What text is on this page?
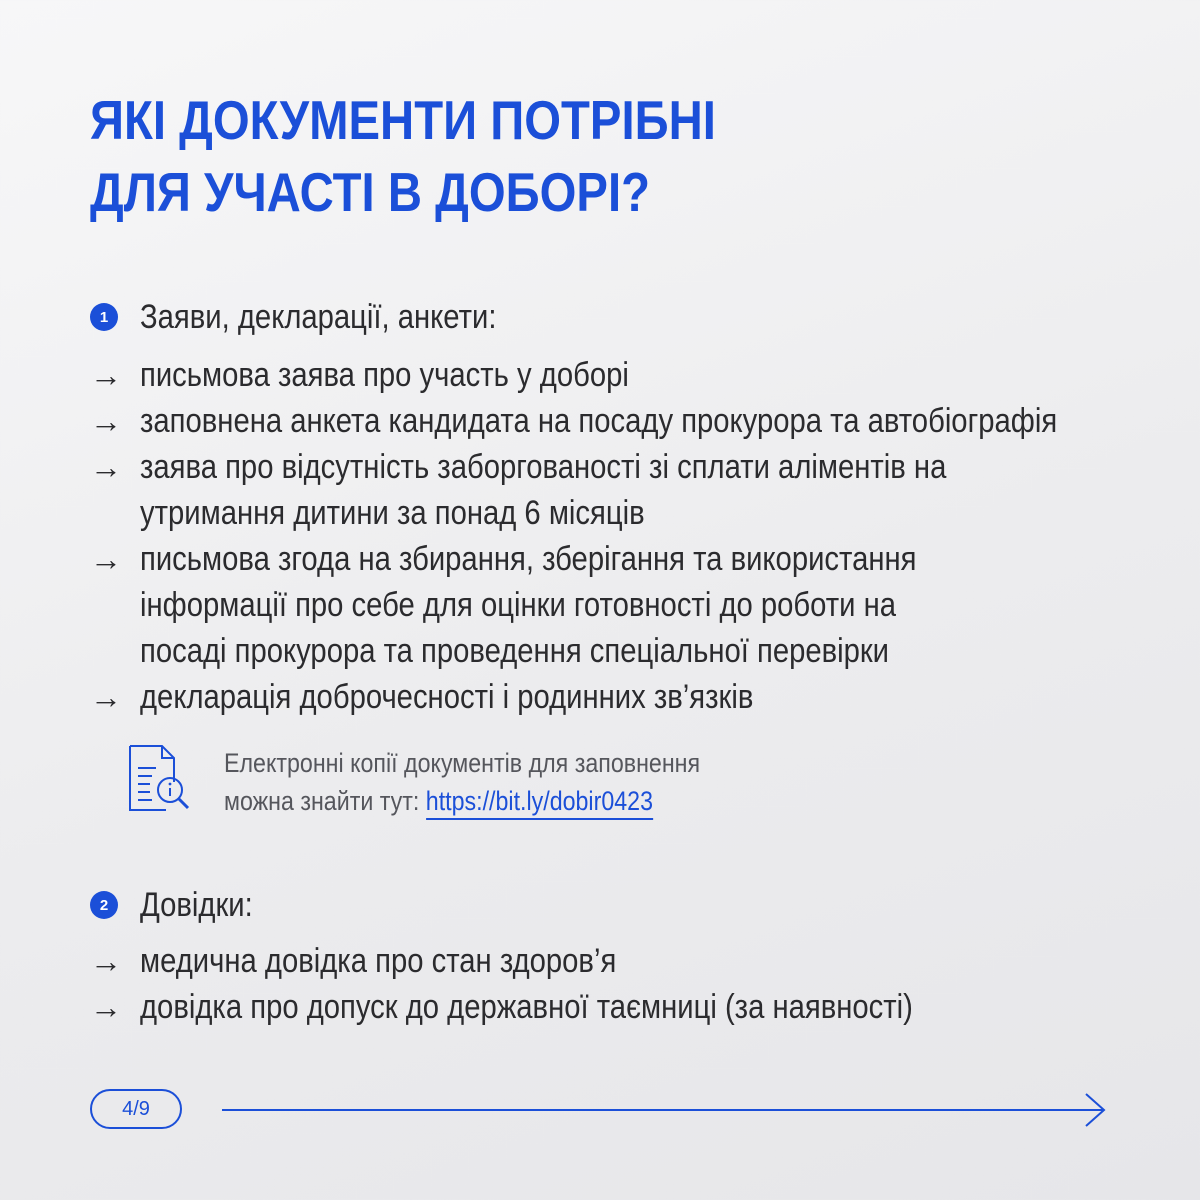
ЯКІ ДОКУМЕНТИ ПОТРІБНІ
ДЛЯ УЧАСТІ В ДОБОРІ?
1 Заяви, декларації, анкети:
→ письмова заява про участь у доборі
→ заповнена анкета кандидата на посаду прокурора та автобіографія
→ заява про відсутність заборгованості зі сплати аліментів на
утримання дитини за понад 6 місяців
→ письмова згода на збирання, зберігання та використання
інформації про себе для оцінки готовності до роботи на
посаді прокурора та проведення спеціальної перевірки
→ декларація доброчесності і родинних зв’язків
Електронні копії документів для заповнення
можна знайти тут: https://bit.ly/dobir0423
2 Довідки:
→ медична довідка про стан здоров’я
→ довідка про допуск до державної таємниці (за наявності)
4/9
